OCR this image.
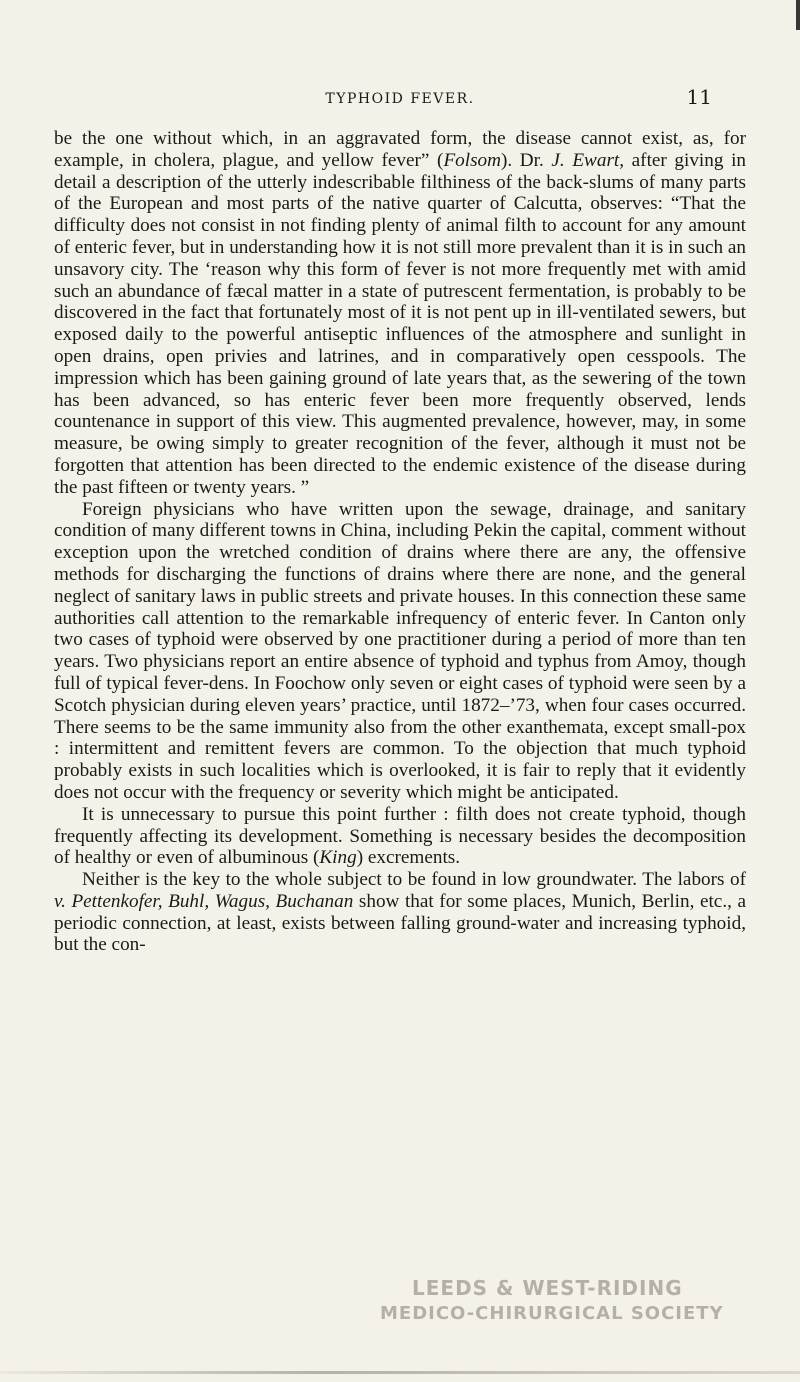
TYPHOID FEVER.	11

be the one without which, in an aggravated form, the disease cannot exist, as, for example, in cholera, plague, and yellow fever” (Folsom). Dr. J. Ewart, after giving in detail a description of the utterly indescribable filthiness of the back-slums of many parts of the European and most parts of the native quarter of Calcutta, observes: “That the difficulty does not consist in not finding plenty of animal filth to account for any amount of enteric fever, but in understanding how it is not still more prevalent than it is in such an unsavory city. The ‘reason why this form of fever is not more frequently met with amid such an abundance of fæcal matter in a state of putrescent fermentation, is probably to be discovered in the fact that fortunately most of it is not pent up in ill-ventilated sewers, but exposed daily to the powerful antiseptic influences of the atmosphere and sunlight in open drains, open privies and latrines, and in comparatively open cesspools. The impression which has been gaining ground of late years that, as the sewering of the town has been advanced, so has enteric fever been more frequently observed, lends countenance in support of this view. This augmented prevalence, however, may, in some measure, be owing simply to greater recognition of the fever, although it must not be forgotten that attention has been directed to the endemic existence of the disease during the past fifteen or twenty years. ”

Foreign physicians who have written upon the sewage, drainage, and sanitary condition of many different towns in China, including Pekin the capital, comment without exception upon the wretched condition of drains where there are any, the offensive methods for discharging the functions of drains where there are none, and the general neglect of sanitary laws in public streets and private houses. In this connection these same authorities call attention to the remarkable infrequency of enteric fever. In Canton only two cases of typhoid were observed by one practitioner during a period of more than ten years. Two physicians report an entire absence of typhoid and typhus from Amoy, though full of typical fever-dens. In Foochow only seven or eight cases of typhoid were seen by a Scotch physician during eleven years’ practice, until 1872–’73, when four cases occurred. There seems to be the same immunity also from the other exanthemata, except small-pox : intermittent and remittent fevers are common. To the objection that much typhoid probably exists in such localities which is overlooked, it is fair to reply that it evidently does not occur with the frequency or severity which might be anticipated.

It is unnecessary to pursue this point further : filth does not create typhoid, though frequently affecting its development. Something is necessary besides the decomposition of healthy or even of albuminous (King) excrements.

Neither is the key to the whole subject to be found in low groundwater. The labors of v. Pettenkofer, Buhl, Wagus, Buchanan show that for some places, Munich, Berlin, etc., a periodic connection, at least, exists between falling ground-water and increasing typhoid, but the con-

LEEDS & WEST-RIDING
MEDICO-CHIRURGICAL SOCIETY
